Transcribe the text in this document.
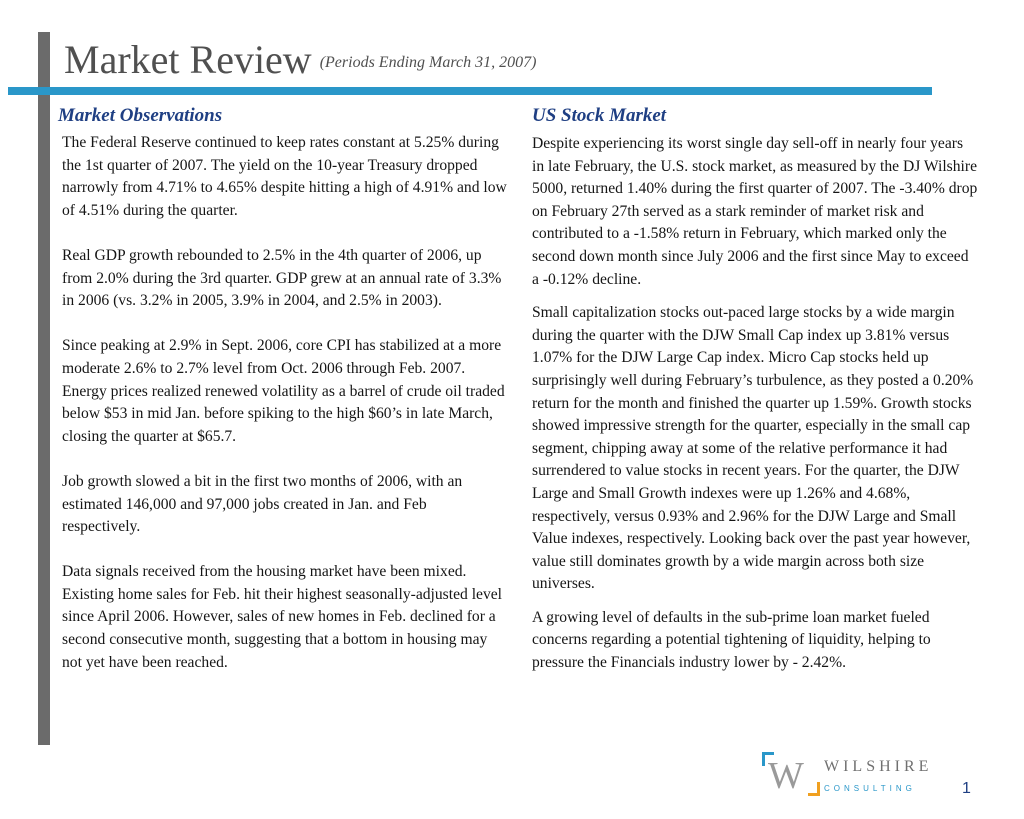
Market Review (Periods Ending March 31, 2007)
Market Observations

The Federal Reserve continued to keep rates constant at 5.25% during the 1st quarter of 2007. The yield on the 10-year Treasury dropped narrowly from 4.71% to 4.65% despite hitting a high of 4.91% and low of 4.51% during the quarter.

Real GDP growth rebounded to 2.5% in the 4th quarter of 2006, up from 2.0% during the 3rd quarter. GDP grew at an annual rate of 3.3% in 2006 (vs. 3.2% in 2005, 3.9% in 2004, and 2.5% in 2003).

Since peaking at 2.9% in Sept. 2006, core CPI has stabilized at a more moderate 2.6% to 2.7% level from Oct. 2006 through Feb. 2007. Energy prices realized renewed volatility as a barrel of crude oil traded below $53 in mid Jan. before spiking to the high $60’s in late March, closing the quarter at $65.7.

Job growth slowed a bit in the first two months of 2006, with an estimated 146,000 and 97,000 jobs created in Jan. and Feb respectively.

Data signals received from the housing market have been mixed. Existing home sales for Feb. hit their highest seasonally-adjusted level since April 2006. However, sales of new homes in Feb. declined for a second consecutive month, suggesting that a bottom in housing may not yet have been reached.

US Stock Market

Despite experiencing its worst single day sell-off in nearly four years in late February, the U.S. stock market, as measured by the DJ Wilshire 5000, returned 1.40% during the first quarter of 2007. The -3.40% drop on February 27th served as a stark reminder of market risk and contributed to a -1.58% return in February, which marked only the second down month since July 2006 and the first since May to exceed a -0.12% decline.

Small capitalization stocks out-paced large stocks by a wide margin during the quarter with the DJW Small Cap index up 3.81% versus 1.07% for the DJW Large Cap index. Micro Cap stocks held up surprisingly well during February’s turbulence, as they posted a 0.20% return for the month and finished the quarter up 1.59%. Growth stocks showed impressive strength for the quarter, especially in the small cap segment, chipping away at some of the relative performance it had surrendered to value stocks in recent years. For the quarter, the DJW Large and Small Growth indexes were up 1.26% and 4.68%, respectively, versus 0.93% and 2.96% for the DJW Large and Small Value indexes, respectively. Looking back over the past year however, value still dominates growth by a wide margin across both size universes.

A growing level of defaults in the sub-prime loan market fueled concerns regarding a potential tightening of liquidity, helping to pressure the Financials industry lower by - 2.42%.

W WILSHIRE
CONSULTING	1
